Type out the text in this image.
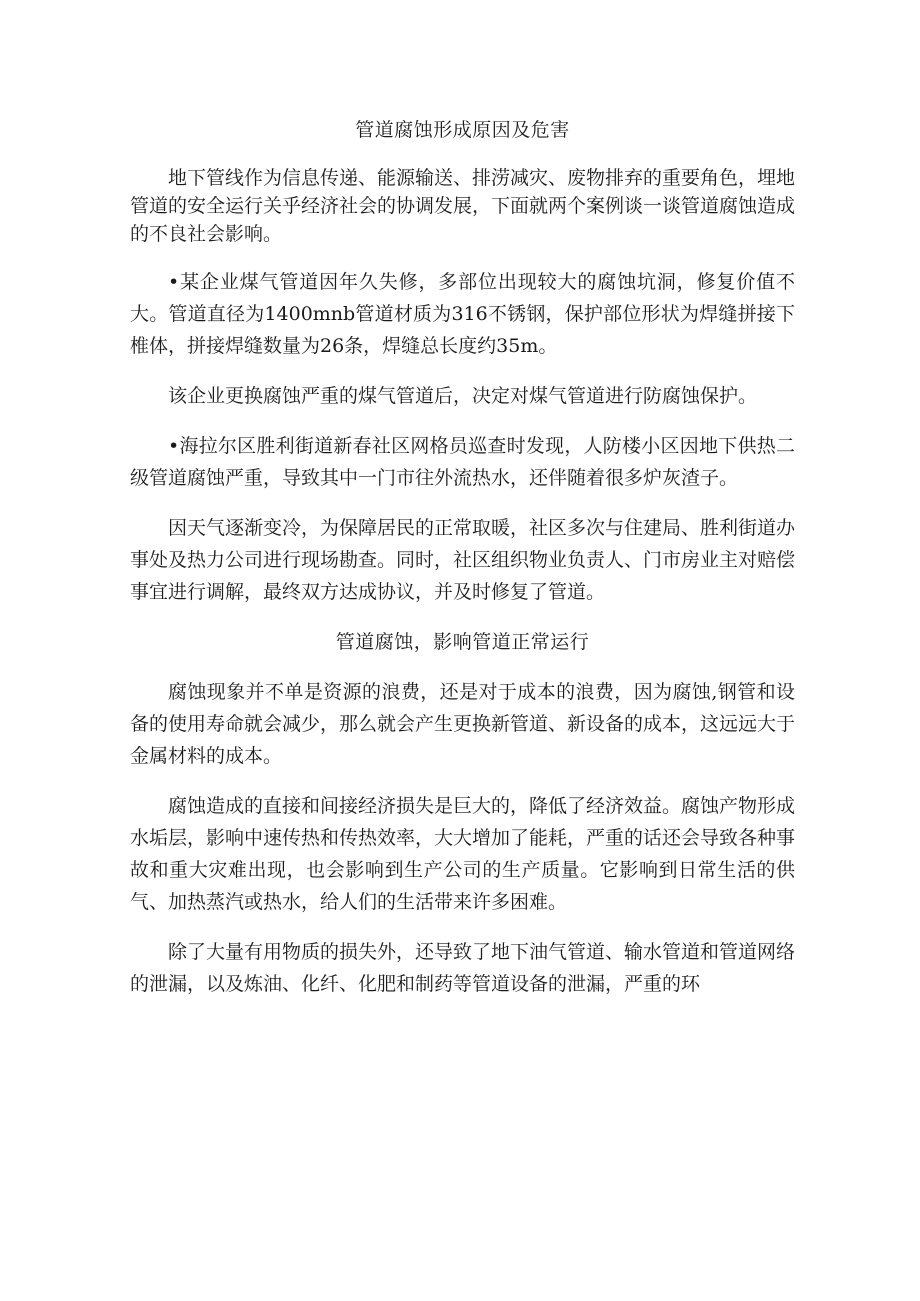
管道腐蚀形成原因及危害

地下管线作为信息传递、能源输送、排涝减灾、废物排弃的重要角色，埋地管道的安全运行关乎经济社会的协调发展，下面就两个案例谈一谈管道腐蚀造成的不良社会影响。

•某企业煤气管道因年久失修，多部位出现较大的腐蚀坑洞，修复价值不大。管道直径为1400mnb管道材质为316不锈钢，保护部位形状为焊缝拼接下椎体，拼接焊缝数量为26条，焊缝总长度约35m。

该企业更换腐蚀严重的煤气管道后，决定对煤气管道进行防腐蚀保护。

•海拉尔区胜利街道新春社区网格员巡查时发现，人防楼小区因地下供热二级管道腐蚀严重，导致其中一门市往外流热水，还伴随着很多炉灰渣子。

因天气逐渐变冷，为保障居民的正常取暖，社区多次与住建局、胜利街道办事处及热力公司进行现场勘查。同时，社区组织物业负责人、门市房业主对赔偿事宜进行调解，最终双方达成协议，并及时修复了管道。

管道腐蚀，影响管道正常运行

腐蚀现象并不单是资源的浪费，还是对于成本的浪费，因为腐蚀,钢管和设备的使用寿命就会减少，那么就会产生更换新管道、新设备的成本，这远远大于金属材料的成本。

腐蚀造成的直接和间接经济损失是巨大的，降低了经济效益。腐蚀产物形成水垢层，影响中速传热和传热效率，大大增加了能耗，严重的话还会导致各种事故和重大灾难出现，也会影响到生产公司的生产质量。它影响到日常生活的供气、加热蒸汽或热水，给人们的生活带来许多困难。

除了大量有用物质的损失外，还导致了地下油气管道、输水管道和管道网络的泄漏，以及炼油、化纤、化肥和制药等管道设备的泄漏，严重的环
